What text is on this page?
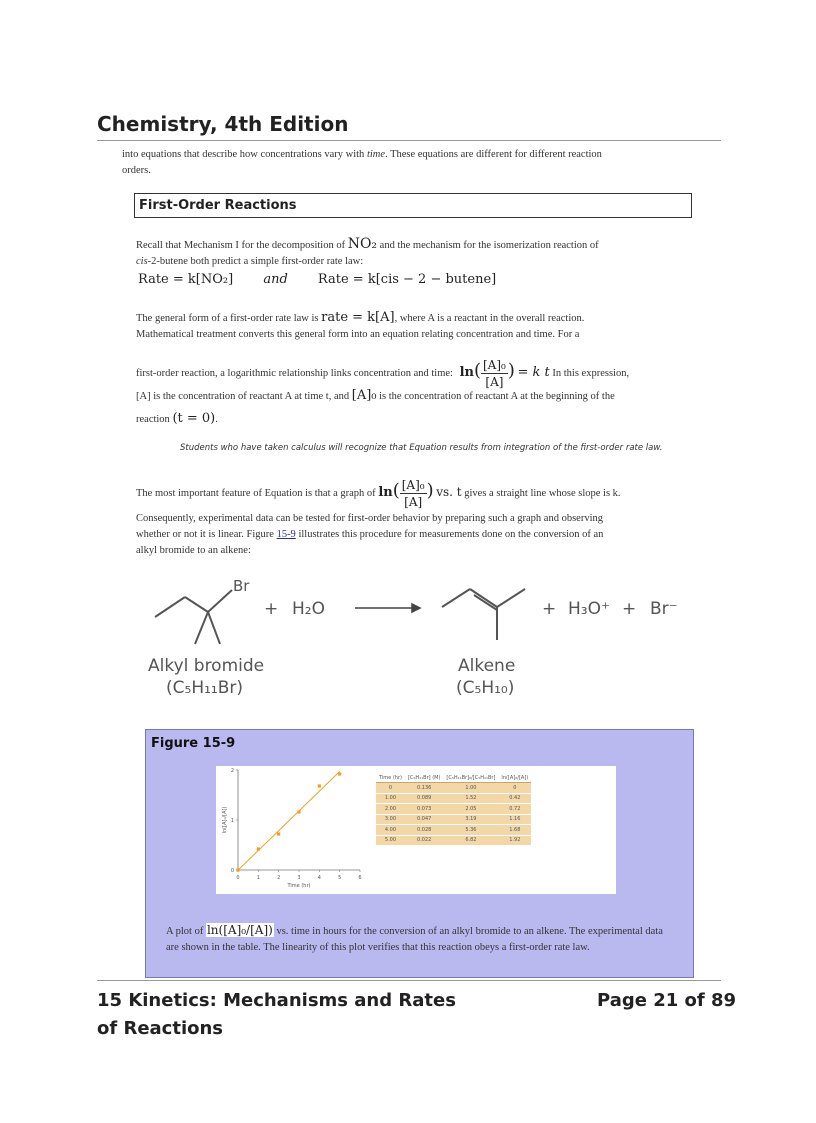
Chemistry, 4th Edition
into equations that describe how concentrations vary with time. These equations are different for different reaction
orders.
First-Order Reactions
Recall that Mechanism I for the decomposition of NO₂ and the mechanism for the isomerization reaction of
cis-2-butene both predict a simple first-order rate law:
Rate = k[NO₂] and Rate = k[cis − 2 − butene]
The general form of a first-order rate law is rate = k[A], where A is a reactant in the overall reaction.
Mathematical treatment converts this general form into an equation relating concentration and time. For a
first-order reaction, a logarithmic relationship links concentration and time: $\ln( \frac{\text{[A]₀}}{[A]}$ ) = k t In this expression,
[A] is the concentration of reactant A at time t, and [A]₀ is the concentration of reactant A at the beginning of the

reaction (t = 0).
Students who have taken calculus will recognize that Equation results from integration of the first-order rate law.
The most important feature of Equation is that a graph of $\ln( \frac{\text{[A]₀}}{[A]}$ ) vs. t gives a straight line whose slope is k.
Consequently, experimental data can be tested for first-order behavior by preparing such a graph and observing
whether or not it is linear. Figure 15-9 illustrates this procedure for measurements done on the conversion of an
alkyl bromide to an alkene:
Br
+ H₂O	+ H₃O⁺ + Br⁻
Alkyl bromide
(C₅H₁₁Br)
Alkene
(C₅H₁₀)
Figure 15-9
0	1	2	3	4	5	6
0
1
2
Time (hr)
ln([A]₀/[A])
Time (hr)	[C₅H₁₁Br] (M)	[C₅H₁₁Br]₀/[C₅H₁₁Br]	ln([A]₀/[A])
0	0.136	1.00	0
1.00	0.089	1.52	0.42
2.00	0.073	2.05	0.72
3.00	0.047	3.19	1.16
4.00	0.028	5.36	1.68
5.00	0.022	6.82	1.92
A plot of ln([A]₀/[A]) vs. time in hours for the conversion of an alkyl bromide to an alkene. The experimental data are shown in the table. The linearity of this plot verifies that this reaction obeys a first-order rate law.
15 Kinetics: Mechanisms and Rates of Reactions
Page 21 of 89
